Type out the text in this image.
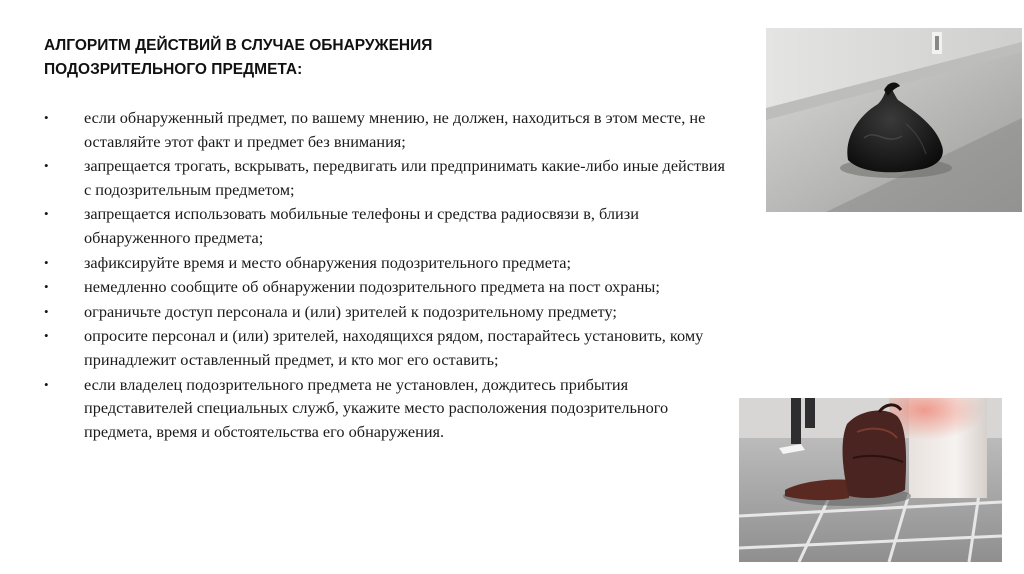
АЛГОРИТМ ДЕЙСТВИЙ В СЛУЧАЕ ОБНАРУЖЕНИЯ
ПОДОЗРИТЕЛЬНОГО ПРЕДМЕТА:
•	если обнаруженный предмет, по вашему мнению, не должен, находиться в этом месте, не оставляйте этот факт и предмет без внимания;
•	запрещается трогать, вскрывать, передвигать или предпринимать какие-либо иные действия с подозрительным предметом;
•	запрещается использовать мобильные телефоны и средства радиосвязи в, близи обнаруженного предмета;
•	зафиксируйте время и место обнаружения подозрительного предмета;
•	немедленно сообщите об обнаружении подозрительного предмета на пост охраны;
•	ограничьте доступ персонала и (или) зрителей к подозрительному предмету;
•	опросите персонал и (или) зрителей, находящихся рядом, постарайтесь установить, кому принадлежит оставленный предмет, и кто мог его оставить;
•	если владелец подозрительного предмета не установлен, дождитесь прибытия представителей специальных служб, укажите место расположения подозрительного предмета, время и обстоятельства его обнаружения.
